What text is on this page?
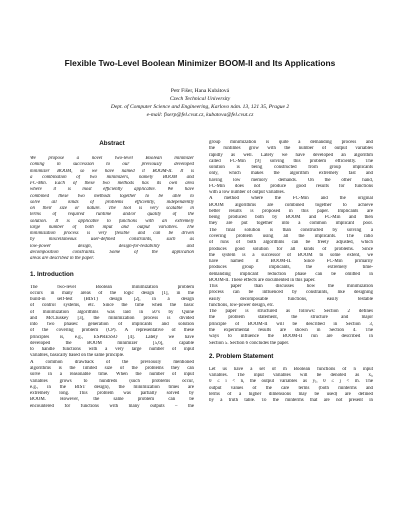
Flexible Two-Level Boolean Minimizer BOOM-II and Its Applications
Petr Fišer, Hana Kubátová
Czech Technical University
Dept. of Computer Science and Engineering, Karlovo nám. 13, 121 35, Prague 2
e-mail: fiserp@fel.cvut.cz, kubatova@fel.cvut.cz
Abstract
We propose a novel two-level Boolean minimizer
coming in succession to our previously developed
minimizer BOOM, so we have named it BOOM-II. It is
a combination of two minimizers, namely BOOM and
FC-Min. Each of these two methods has its own area
where it is most efficiently applicable. We have
combined these two methods together to be able to
solve all kinds of problems efficiently, independently
on their size or nature. The tool is very scalable in
terms of required runtime and/or quality of the
solution. It is applicable to functions with an extremely
large number of both input and output variables. The
minimization process is very flexible and can be driven
by miscellaneous user-defined constraints, such as
low-power design, design-for-testability and
decomposition constraints. Some of the application
areas are described in the paper.
1. Introduction
The two-level Boolean minimization problem
occurs in many areas of the logic design [1], in the
build-in self-test (BIST) design [2], in a design
of control systems, etc. Since the time when the basic
of minimization algorithms was laid in 50’s by Quine
and McCluskey [3], the minimization process is divided
into two phases: generation of implicants and solution
of the covering problem (CP). A representative of these
principles is, e.g., ESPRESSO [4]. Lately we have
developed the BOOM minimizer [5,6], capable
to handle functions with a very large number of input
variables, basically based on the same principle.
A common drawback of the previously mentioned
algorithms is the limited size of the problems they can
solve in a reasonable time. When the number of input
variables grows to hundreds (such problems occur,
e.g., in the BIST design), the minimization times are
extremely long. This problem was partially solved by
BOOM. However, the same problem can be
encountered for functions with many outputs – the
group minimization is quite a demanding process and
the runtimes grow with the number of output variables
rapidly as well. Lately we have developed an algorithm
called FC-Min [9] solving this problem efficiently. The
solution is being constructed from group implicants
only, which makes the algorithm extremely fast and
having low memory demands. On the other hand,
FC-Min does not produce good results for functions
with a low number of output variables.
A method where the FC-Min and the original
BOOM algorithms are combined together to achieve
better results is proposed in this paper. Implicants are
being produced both by BOOM and FC-Min and then
they are put together into a common implicant pool.
The final solution is than constructed by solving a
covering problem using all the implicants. The ratio
of runs of both algorithms can be freely adjusted, which
produces good solution for all kinds of problems. Since
the system is a successor of BOOM to some extent, we
have named it BOOM-II. Since FC-Min primarily
produces group implicants, the extremely time-
demanding implicant reduction phase can be omitted in
BOOM-II. These effects are documented in this paper.
This paper than discusses how the minimization
process can be influenced by constraints, like designing
easily decomposable functions, easily testable
functions, low-power design, etc.
The paper is structured as follows: Section 2 defines
the problem statement, the structure and major
principle of BOOM-II will be described in Section 3,
the experimental results are shown in Section 4. The
ways to influence the BOOM-II run are described in
Section 5. Section 6 concludes the paper.
2. Problem Statement
Let us have a set of m Boolean functions of n input
variables. The input variables will be denoted as xᵢ,
0 ≤ i < n, the output variables as yⱼ, 0 ≤ j < m. The
output values of the care terms (both minterms and
terms of a higher dimensions may be used) are defined
by a truth table. To the minterms that are not present in
